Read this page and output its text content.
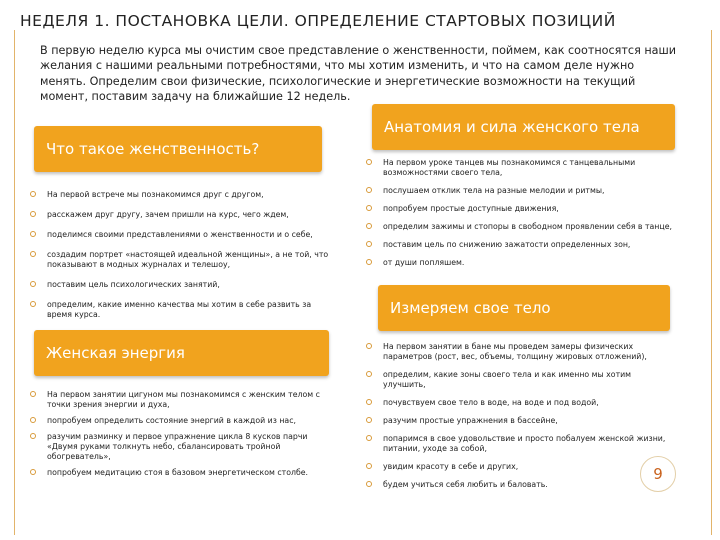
НЕДЕЛЯ 1. ПОСТАНОВКА ЦЕЛИ. ОПРЕДЕЛЕНИЕ СТАРТОВЫХ ПОЗИЦИЙ
В первую неделю курса мы очистим свое представление о женственности, поймем, как соотносятся наши желания с нашими реальными потребностями, что мы хотим изменить, и что на самом деле нужно менять. Определим свои физические, психологические и энергетические возможности на текущий момент, поставим задачу на ближайшие 12 недель.
Что такое женственность?
На первой встрече мы познакомимся друг с другом,
расскажем друг другу, зачем пришли на курс, чего ждем,
поделимся своими представлениями о женственности и о себе,
создадим портрет «настоящей идеальной женщины», а не той, что показывают в модных журналах и телешоу,
поставим цель психологических занятий,
определим, какие именно качества мы хотим в себе развить за время курса.
Женская энергия
На первом занятии цигуном мы познакомимся с женским телом с точки зрения энергии и духа,
попробуем определить состояние энергий в каждой из нас,
разучим разминку и первое упражнение цикла 8 кусков парчи «Двумя руками толкнуть небо, сбалансировать тройной обогреватель»,
попробуем медитацию стоя в базовом энергетическом столбе.
Анатомия и сила женского тела
На первом уроке танцев мы познакомимся с танцевальными возможностями своего тела,
послушаем отклик тела на разные мелодии и ритмы,
попробуем простые доступные движения,
определим зажимы и стопоры в свободном проявлении себя в танце,
поставим цель по снижению зажатости определенных зон,
от души попляшем.
Измеряем свое тело
На первом занятии в бане мы проведем замеры физических параметров (рост, вес, объемы, толщину жировых отложений),
определим, какие зоны своего тела и как именно мы хотим улучшить,
почувствуем свое тело в воде, на воде и под водой,
разучим простые упражнения в бассейне,
попаримся в свое удовольствие и просто побалуем женской жизни, питании, уходе за собой,
увидим красоту в себе и других,
будем учиться себя любить и баловать.
9
